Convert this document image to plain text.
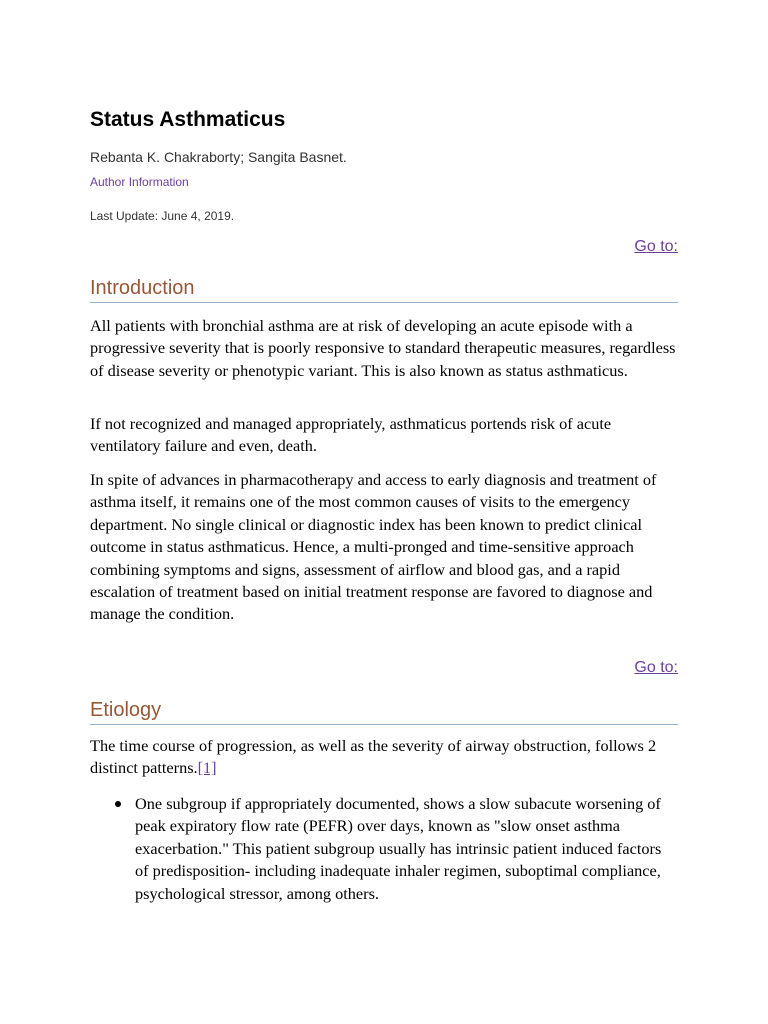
Status Asthmaticus
Rebanta K. Chakraborty; Sangita Basnet.
Author Information
Last Update: June 4, 2019.
Go to:
Introduction

All patients with bronchial asthma are at risk of developing an acute episode with a progressive severity that is poorly responsive to standard therapeutic measures, regardless of disease severity or phenotypic variant. This is also known as status asthmaticus.

If not recognized and managed appropriately, asthmaticus portends risk of acute ventilatory failure and even, death.

In spite of advances in pharmacotherapy and access to early diagnosis and treatment of asthma itself, it remains one of the most common causes of visits to the emergency department. No single clinical or diagnostic index has been known to predict clinical outcome in status asthmaticus. Hence, a multi-pronged and time-sensitive approach combining symptoms and signs, assessment of airflow and blood gas, and a rapid escalation of treatment based on initial treatment response are favored to diagnose and manage the condition.

Go to:
Etiology

The time course of progression, as well as the severity of airway obstruction, follows 2 distinct patterns.[1]

One subgroup if appropriately documented, shows a slow subacute worsening of peak expiratory flow rate (PEFR) over days, known as "slow onset asthma exacerbation." This patient subgroup usually has intrinsic patient induced factors of predisposition- including inadequate inhaler regimen, suboptimal compliance, psychological stressor, among others.
